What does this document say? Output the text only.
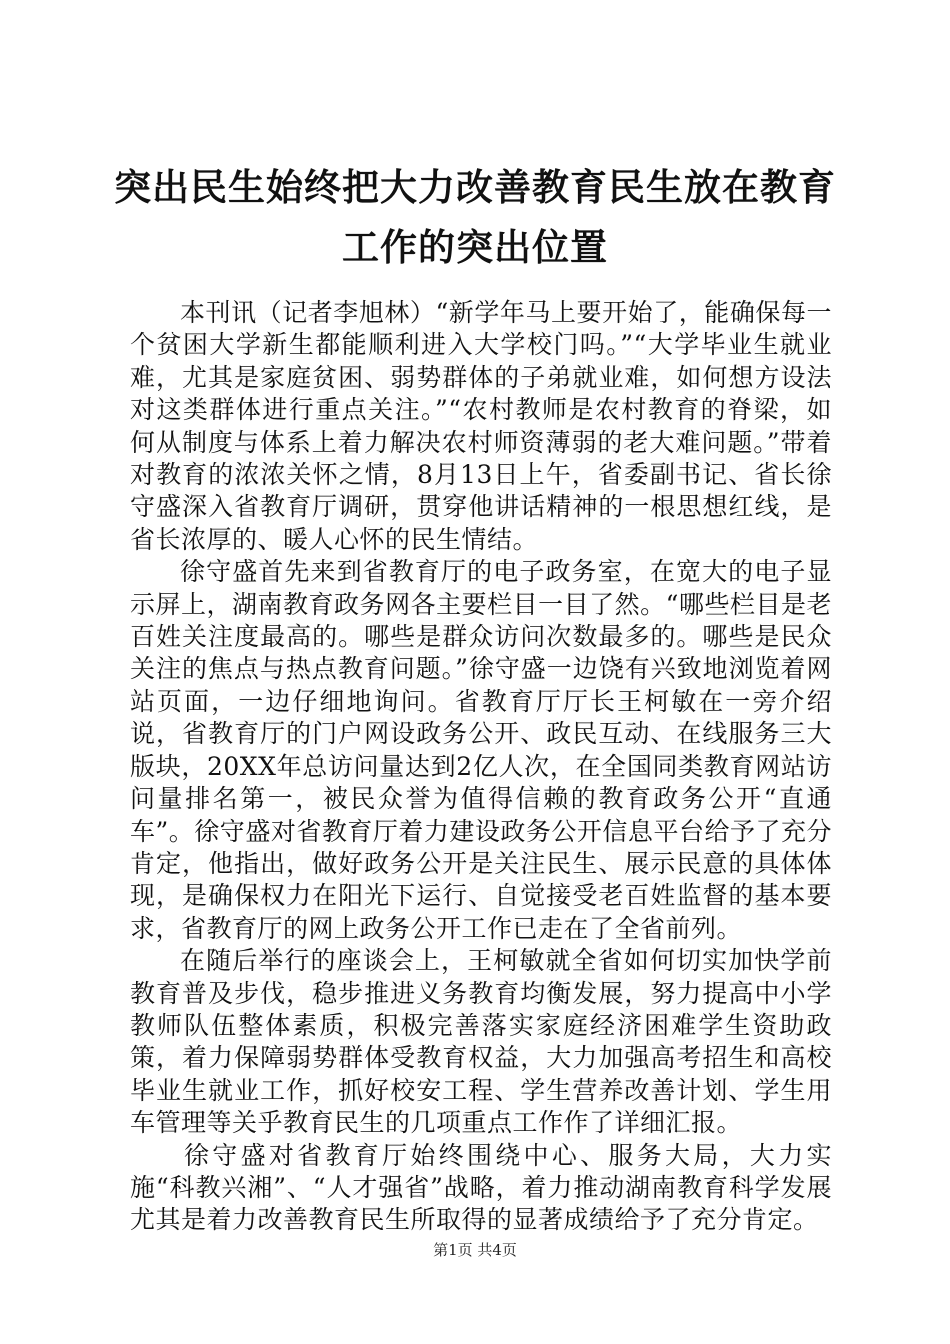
突出民生始终把大力改善教育民生放在教育工作的突出位置

本刊讯（记者李旭林）“新学年马上要开始了，能确保每一个贫困大学新生都能顺利进入大学校门吗。”“大学毕业生就业难，尤其是家庭贫困、弱势群体的子弟就业难，如何想方设法对这类群体进行重点关注。”“农村教师是农村教育的脊梁，如何从制度与体系上着力解决农村师资薄弱的老大难问题。”带着对教育的浓浓关怀之情，8月13日上午，省委副书记、省长徐守盛深入省教育厅调研，贯穿他讲话精神的一根思想红线，是省长浓厚的、暖人心怀的民生情结。

徐守盛首先来到省教育厅的电子政务室，在宽大的电子显示屏上，湖南教育政务网各主要栏目一目了然。“哪些栏目是老百姓关注度最高的。哪些是群众访问次数最多的。哪些是民众关注的焦点与热点教育问题。”徐守盛一边饶有兴致地浏览着网站页面，一边仔细地询问。省教育厅厅长王柯敏在一旁介绍说，省教育厅的门户网设政务公开、政民互动、在线服务三大版块，20XX年总访问量达到2亿人次，在全国同类教育网站访问量排名第一，被民众誉为值得信赖的教育政务公开“直通车”。徐守盛对省教育厅着力建设政务公开信息平台给予了充分肯定，他指出，做好政务公开是关注民生、展示民意的具体体现，是确保权力在阳光下运行、自觉接受老百姓监督的基本要求，省教育厅的网上政务公开工作已走在了全省前列。

在随后举行的座谈会上，王柯敏就全省如何切实加快学前教育普及步伐，稳步推进义务教育均衡发展，努力提高中小学教师队伍整体素质，积极完善落实家庭经济困难学生资助政策，着力保障弱势群体受教育权益，大力加强高考招生和高校毕业生就业工作，抓好校安工程、学生营养改善计划、学生用车管理等关乎教育民生的几项重点工作作了详细汇报。

徐守盛对省教育厅始终围绕中心、服务大局，大力实施“科教兴湘”、“人才强省”战略，着力推动湖南教育科学发展尤其是着力改善教育民生所取得的显著成绩给予了充分肯定。

第1页 共4页
